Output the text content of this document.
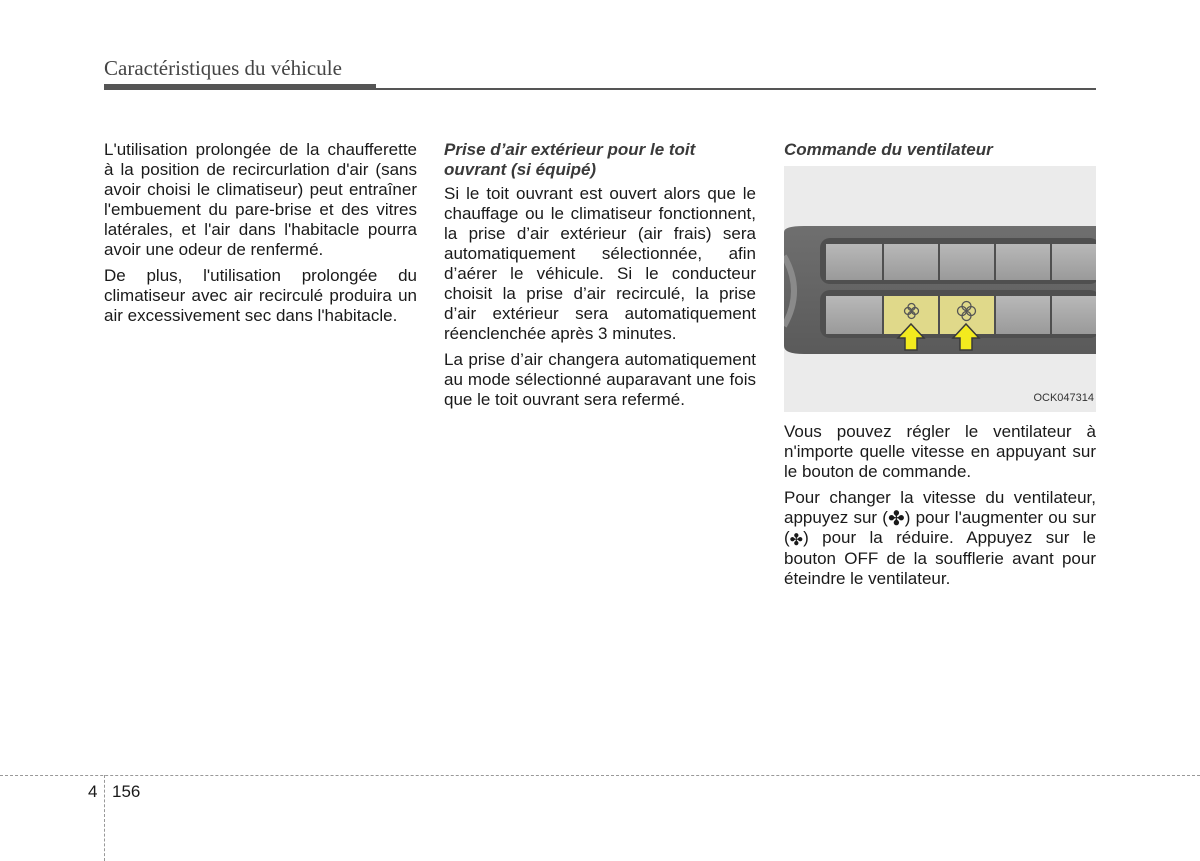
Caractéristiques du véhicule

L'utilisation prolongée de la chaufferette à la position de recircurlation d'air (sans avoir choisi le climatiseur) peut entraîner l'embuement du pare-brise et des vitres latérales, et l'air dans l'habitacle pourra avoir une odeur de renfermé.

De plus, l'utilisation prolongée du climatiseur avec air recirculé produira un air excessivement sec dans l'habitacle.

Prise d’air extérieur pour le toit ouvrant (si équipé)

Si le toit ouvrant est ouvert alors que le chauffage ou le climatiseur fonctionnent, la prise d’air extérieur (air frais) sera automatiquement sélectionnée, afin d’aérer le véhicule. Si le conducteur choisit la prise d’air recirculé, la prise d’air extérieur sera automatiquement réenclenchée après 3 minutes.

La prise d’air changera automatiquement au mode sélectionné auparavant une fois que le toit ouvrant sera refermé.

Commande du ventilateur
OCK047314

Vous pouvez régler le ventilateur à n'importe quelle vitesse en appuyant sur le bouton de commande.

Pour changer la vitesse du ventilateur, appuyez sur (✤) pour l'augmenter ou sur (✤) pour la réduire. Appuyez sur le bouton OFF de la soufflerie avant pour éteindre le ventilateur.

4 156
